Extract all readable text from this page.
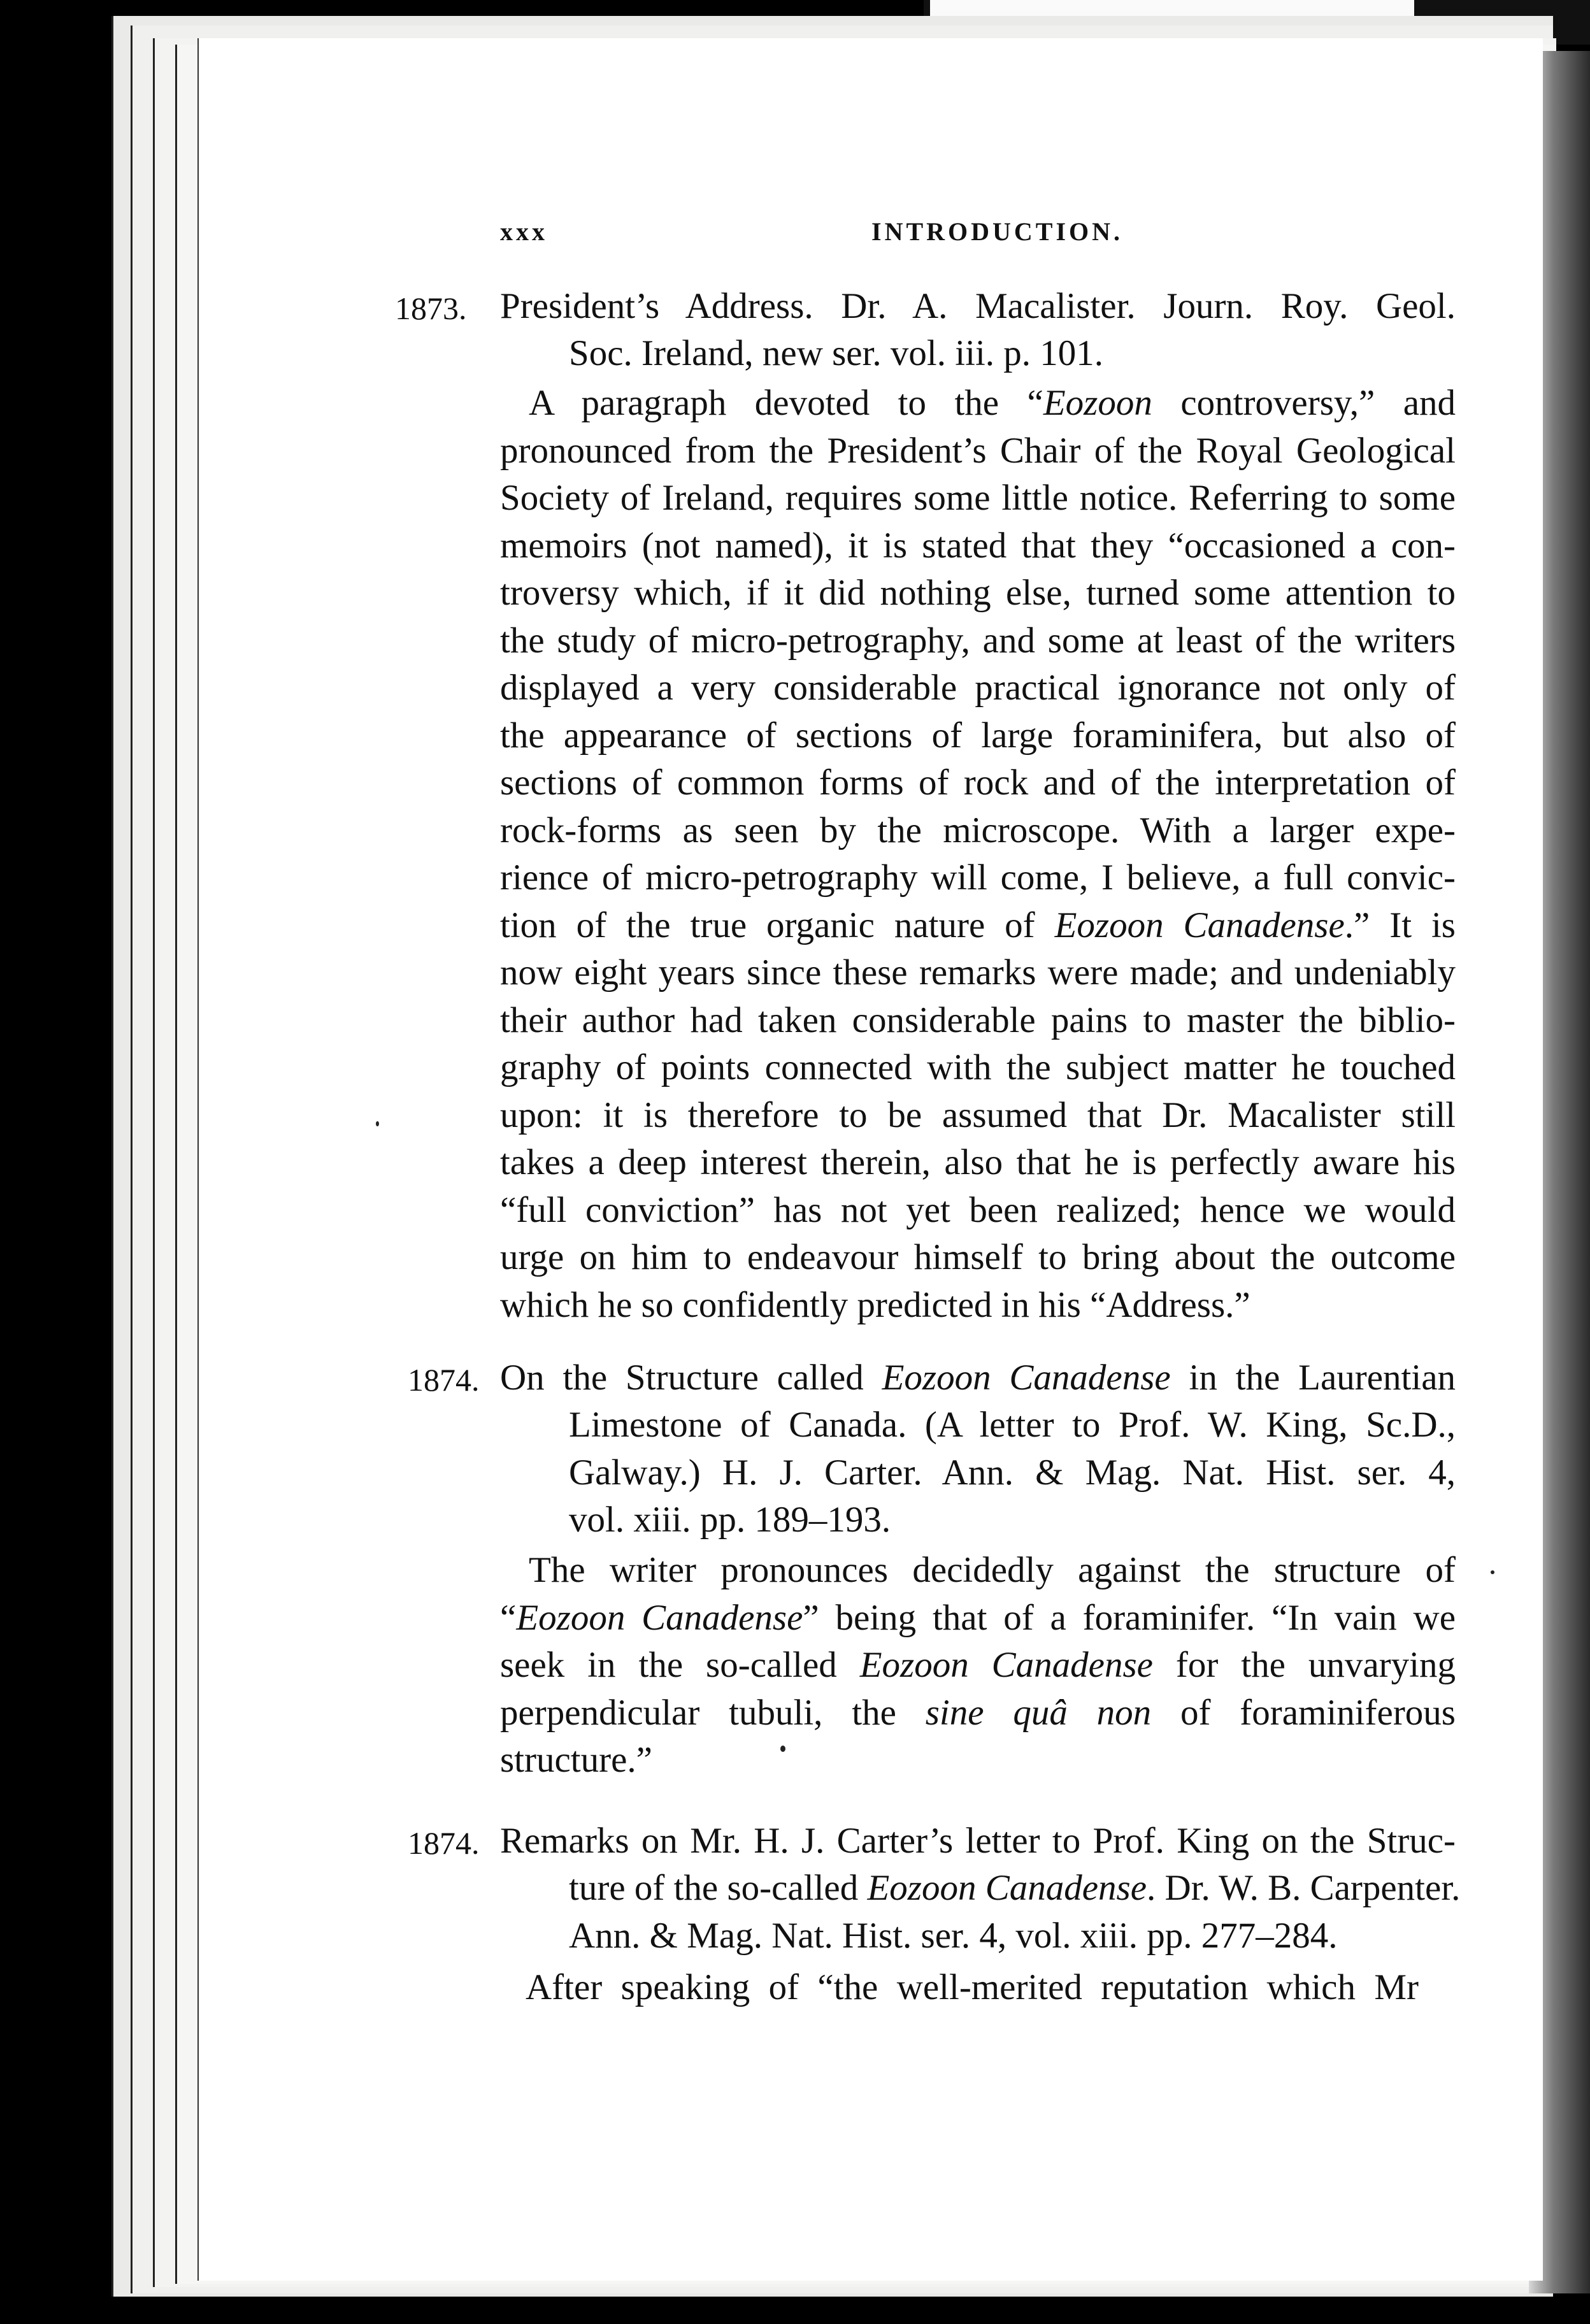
xxx	INTRODUCTION.
1873. President’s Address. Dr. A. Macalister. Journ. Roy. Geol.
Soc. Ireland, new ser. vol. iii. p. 101.
A paragraph devoted to the “Eozoon controversy,” and
pronounced from the President’s Chair of the Royal Geological
Society of Ireland, requires some little notice. Referring to some
memoirs (not named), it is stated that they “occasioned a con-
troversy which, if it did nothing else, turned some attention to
the study of micro-petrography, and some at least of the writers
displayed a very considerable practical ignorance not only of
the appearance of sections of large foraminifera, but also of
sections of common forms of rock and of the interpretation of
rock-forms as seen by the microscope. With a larger expe-
rience of micro-petrography will come, I believe, a full convic-
tion of the true organic nature of Eozoon Canadense.” It is
now eight years since these remarks were made; and undeniably
their author had taken considerable pains to master the biblio-
graphy of points connected with the subject matter he touched
upon: it is therefore to be assumed that Dr. Macalister still
takes a deep interest therein, also that he is perfectly aware his
“full conviction” has not yet been realized; hence we would
urge on him to endeavour himself to bring about the outcome
which he so confidently predicted in his “Address.”
1874. On the Structure called Eozoon Canadense in the Laurentian
Limestone of Canada. (A letter to Prof. W. King, Sc.D.,
Galway.) H. J. Carter. Ann. & Mag. Nat. Hist. ser. 4,
vol. xiii. pp. 189–193.
The writer pronounces decidedly against the structure of
“Eozoon Canadense” being that of a foraminifer. “In vain we
seek in the so-called Eozoon Canadense for the unvarying
perpendicular tubuli, the sine quâ non of foraminiferous
structure.”
1874. Remarks on Mr. H. J. Carter’s letter to Prof. King on the Struc-
ture of the so-called Eozoon Canadense. Dr. W. B. Carpenter.
Ann. & Mag. Nat. Hist. ser. 4, vol. xiii. pp. 277–284.
After speaking of “the well-merited reputation which Mr
